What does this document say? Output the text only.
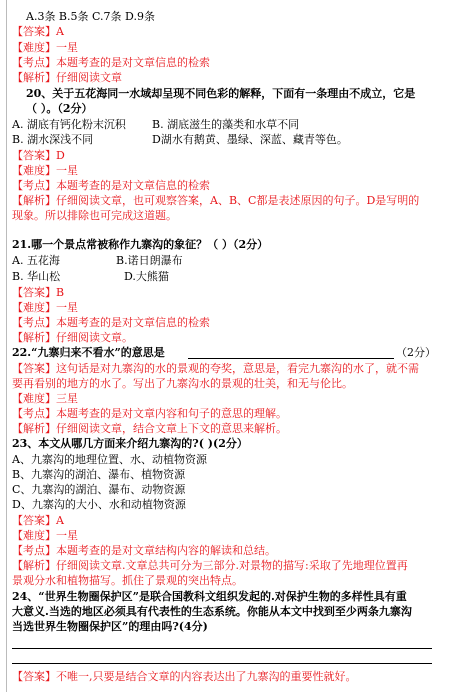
A.3条 B.5条 C.7条 D.9条
【答案】A
【难度】一星
【考点】本题考查的是对文章信息的检索
【解析】仔细阅读文章
20、关于五花海同一水域却呈现不同色彩的解释，下面有一条理由不成立，它是
（ ）。（2分）
A. 湖底有钙化粉末沉积 B. 湖底滋生的藻类和水草不同
B. 湖水深浅不同	D湖水有鹅黄、墨绿、深蓝、藏青等色。
【答案】D
【难度】一星
【考点】本题考查的是对文章信息的检索
【解析】仔细阅读文章，也可观察答案，A、B、C都是表述原因的句子。D是写明的
现象。所以排除也可完成这道题。
21.哪一个景点常被称作九寨沟的象征？（ ）（2分）
A. 五花海	B.诺日朗瀑布
B. 华山松	D.大熊猫
【答案】B
【难度】一星
【考点】本题考查的是对文章信息的检索
【解析】仔细阅读文章。
22.“九寨归来不看水”的意思是	（2分）
【答案】这句话是对九寨沟的水的景观的夸奖，意思是，看完九寨沟的水了，就不需
要再看别的地方的水了。写出了九寨沟水的景观的壮美，和无与伦比。
【难度】三星
【考点】本题考查的是对文章内容和句子的意思的理解。
【解析】仔细阅读文章，结合文章上下文的意思来解析。
23、本文从哪几方面来介绍九寨沟的?( )(2分）
A、九寨沟的地理位置、水、动植物资源
B、九寨沟的湖泊、瀑布、植物资源
C、九寨沟的湖泊、瀑布、动物资源
D、九寨沟的大小、水和动植物资源
【答案】A
【难度】一星
【考点】本题考查的是对文章结构内容的解读和总结。
【解析】仔细阅读文章.文章总共可分为三部分.对景物的描写:采取了先地理位置再
景观分水和植物描写。抓住了景观的突出特点。
24、“世界生物圈保护区”是联合国教科文组织发起的.对保护生物的多样性具有重
大意义.当选的地区必须具有代表性的生态系统。你能从本文中找到至少两条九寨沟
当选世界生物圈保护区”的理由吗?(4分)
【答案】不唯一,只要是结合文章的内容表达出了九寨沟的重要性就好。
